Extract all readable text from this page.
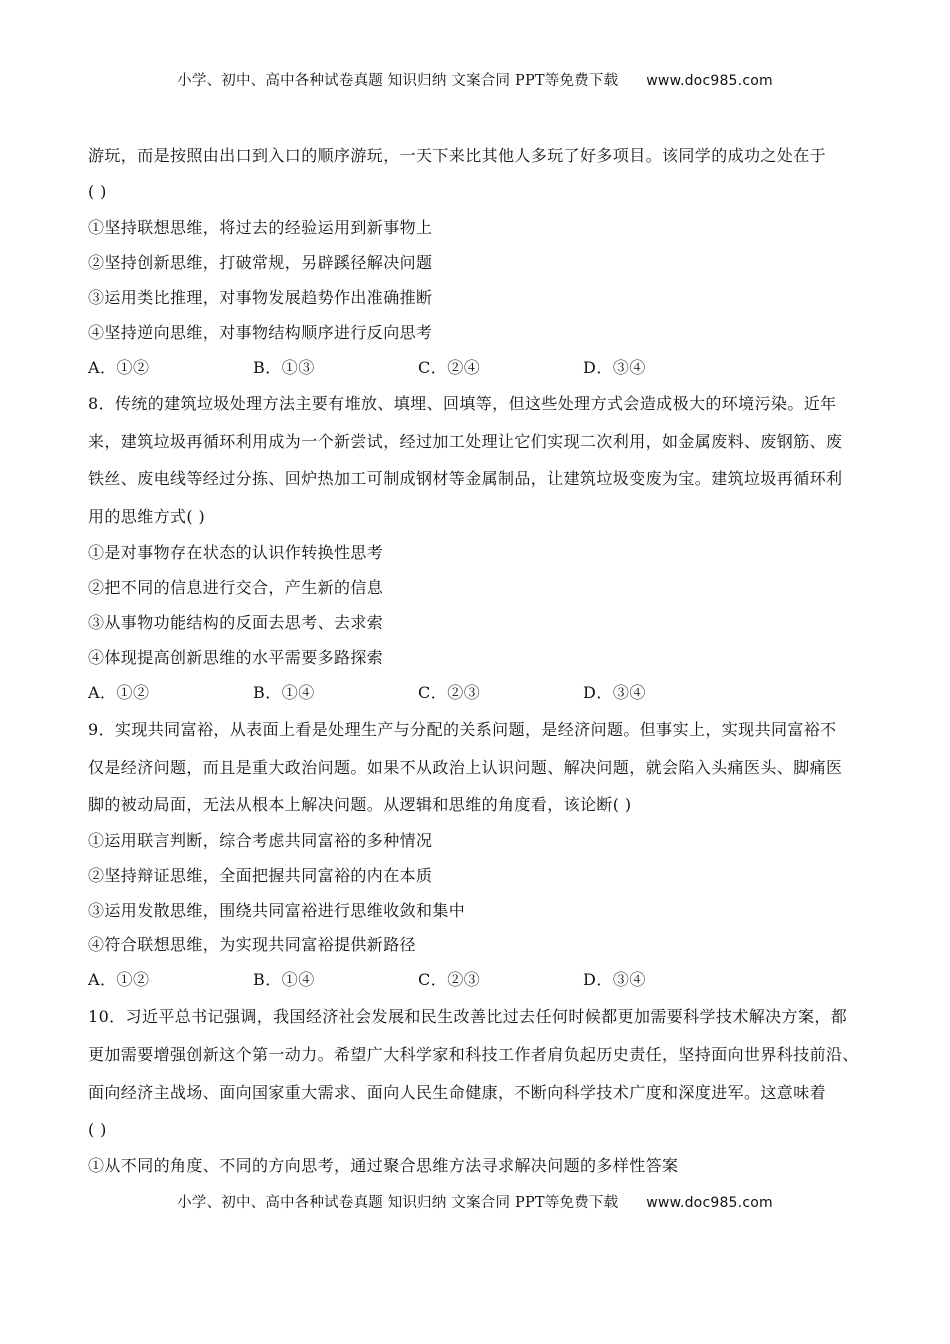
小学、初中、高中各种试卷真题 知识归纳 文案合同 PPT等免费下载 www.doc985.com
游玩，而是按照由出口到入口的顺序游玩，一天下来比其他人多玩了好多项目。该同学的成功之处在于
( )
①坚持联想思维，将过去的经验运用到新事物上
②坚持创新思维，打破常规，另辟蹊径解决问题
③运用类比推理，对事物发展趋势作出准确推断
④坚持逆向思维，对事物结构顺序进行反向思考
A．①②	B．①③	C．②④	D．③④
8．传统的建筑垃圾处理方法主要有堆放、填埋、回填等，但这些处理方式会造成极大的环境污染。近年
来，建筑垃圾再循环利用成为一个新尝试，经过加工处理让它们实现二次利用，如金属废料、废钢筋、废
铁丝、废电线等经过分拣、回炉热加工可制成钢材等金属制品，让建筑垃圾变废为宝。建筑垃圾再循环利
用的思维方式( )
①是对事物存在状态的认识作转换性思考
②把不同的信息进行交合，产生新的信息
③从事物功能结构的反面去思考、去求索
④体现提高创新思维的水平需要多路探索
A．①②	B．①④	C．②③	D．③④
9．实现共同富裕，从表面上看是处理生产与分配的关系问题，是经济问题。但事实上，实现共同富裕不
仅是经济问题，而且是重大政治问题。如果不从政治上认识问题、解决问题，就会陷入头痛医头、脚痛医
脚的被动局面，无法从根本上解决问题。从逻辑和思维的角度看，该论断( )
①运用联言判断，综合考虑共同富裕的多种情况
②坚持辩证思维，全面把握共同富裕的内在本质
③运用发散思维，围绕共同富裕进行思维收敛和集中
④符合联想思维，为实现共同富裕提供新路径
A．①②	B．①④	C．②③	D．③④
10．习近平总书记强调，我国经济社会发展和民生改善比过去任何时候都更加需要科学技术解决方案，都
更加需要增强创新这个第一动力。希望广大科学家和科技工作者肩负起历史责任，坚持面向世界科技前沿、
面向经济主战场、面向国家重大需求、面向人民生命健康，不断向科学技术广度和深度进军。这意味着
( )
①从不同的角度、不同的方向思考，通过聚合思维方法寻求解决问题的多样性答案
小学、初中、高中各种试卷真题 知识归纳 文案合同 PPT等免费下载 www.doc985.com
